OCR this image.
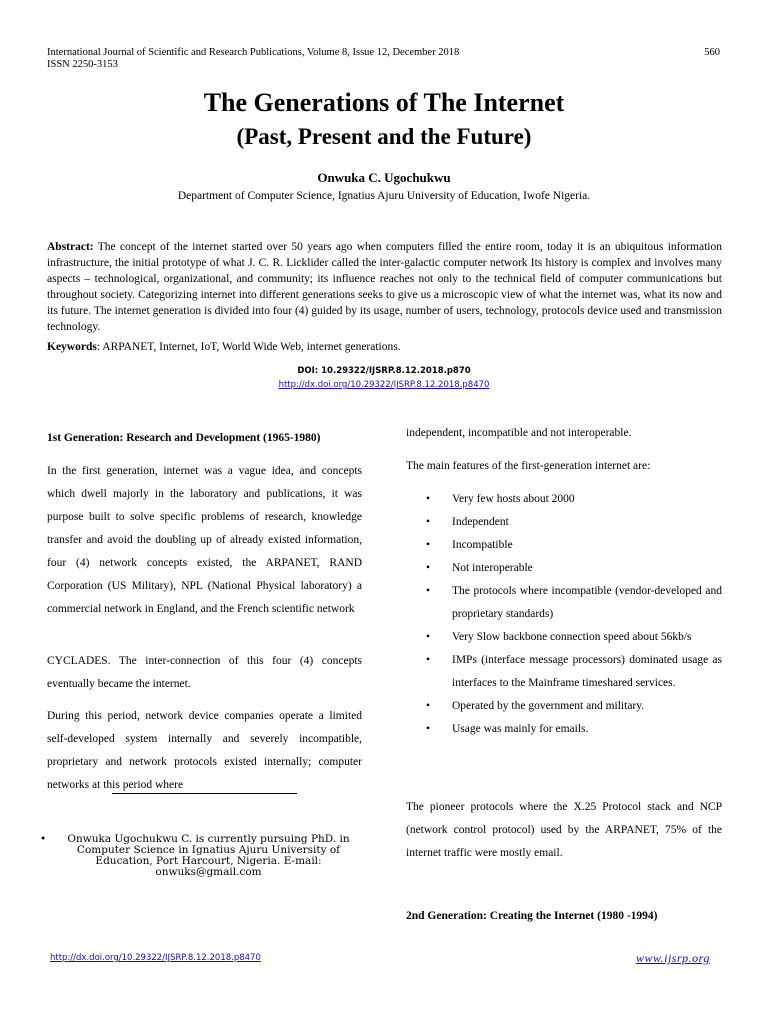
International Journal of Scientific and Research Publications, Volume 8, Issue 12, December 2018
ISSN 2250-3153
560
The Generations of The Internet
(Past, Present and the Future)
Onwuka C. Ugochukwu
Department of Computer Science, Ignatius Ajuru University of Education, Iwofe Nigeria.
Abstract: The concept of the internet started over 50 years ago when computers filled the entire room, today it is an ubiquitous information infrastructure, the initial prototype of what J. C. R. Licklider called the inter-galactic computer network Its history is complex and involves many aspects – technological, organizational, and community; its influence reaches not only to the technical field of computer communications but throughout society. Categorizing internet into different generations seeks to give us a microscopic view of what the internet was, what its now and its future. The internet generation is divided into four (4) guided by its usage, number of users, technology, protocols device used and transmission technology.
Keywords: ARPANET, Internet, IoT, World Wide Web, internet generations.
DOI: 10.29322/IJSRP.8.12.2018.p870
http://dx.doi.org/10.29322/IJSRP.8.12.2018.p8470
1st Generation: Research and Development (1965-1980)
In the first generation, internet was a vague idea, and concepts which dwell majorly in the laboratory and publications, it was purpose built to solve specific problems of research, knowledge transfer and avoid the doubling up of already existed information, four (4) network concepts existed, the ARPANET, RAND Corporation (US Military), NPL (National Physical laboratory) a commercial network in England, and the French scientific network
CYCLADES. The inter-connection of this four (4) concepts eventually became the internet.
During this period, network device companies operate a limited self-developed system internally and severely incompatible, proprietary and network protocols existed internally; computer networks at this period where
•	Onwuka Ugochukwu C. is currently pursuing PhD. in Computer Science in Ignatius Ajuru University of Education, Port Harcourt, Nigeria. E-mail: onwuks@gmail.com
independent, incompatible and not interoperable.
The main features of the first-generation internet are:
• Very few hosts about 2000
• Independent
• Incompatible
• Not interoperable
• The protocols where incompatible (vendor-developed and proprietary standards)
• Very Slow backbone connection speed about 56kb/s
• IMPs (interface message processors) dominated usage as interfaces to the Mainframe timeshared services.
• Operated by the government and military.
• Usage was mainly for emails.
The pioneer protocols where the X.25 Protocol stack and NCP (network control protocol) used by the ARPANET, 75% of the internet traffic were mostly email.
2nd Generation: Creating the Internet (1980 -1994)
http://dx.doi.org/10.29322/IJSRP.8.12.2018.p8470	www.ijsrp.org
